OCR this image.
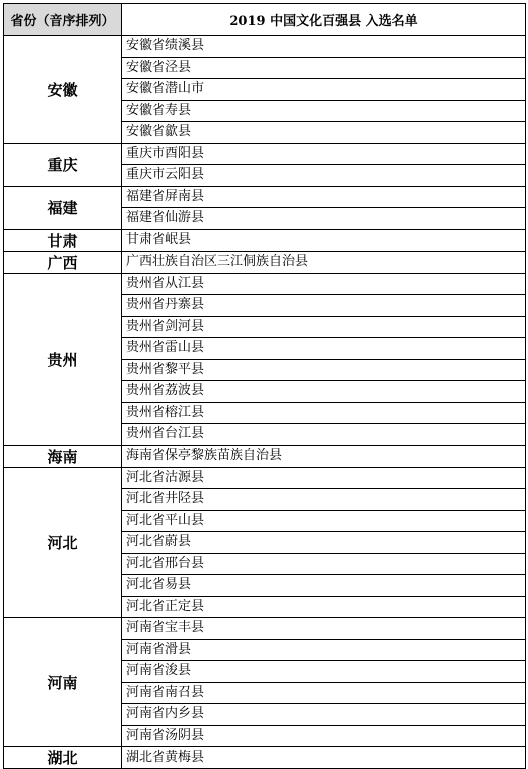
省份（音序排列）	2019 中国文化百强县 入选名单
安徽	安徽省绩溪县
	安徽省泾县
	安徽省潜山市
	安徽省寿县
	安徽省歙县
重庆	重庆市酉阳县
	重庆市云阳县
福建	福建省屏南县
	福建省仙游县
甘肃	甘肃省岷县
广西	广西壮族自治区三江侗族自治县
贵州	贵州省从江县
	贵州省丹寨县
	贵州省剑河县
	贵州省雷山县
	贵州省黎平县
	贵州省荔波县
	贵州省榕江县
	贵州省台江县
海南	海南省保亭黎族苗族自治县
河北	河北省沽源县
	河北省井陉县
	河北省平山县
	河北省蔚县
	河北省邢台县
	河北省易县
	河北省正定县
河南	河南省宝丰县
	河南省滑县
	河南省浚县
	河南省南召县
	河南省内乡县
	河南省汤阴县
湖北	湖北省黄梅县
